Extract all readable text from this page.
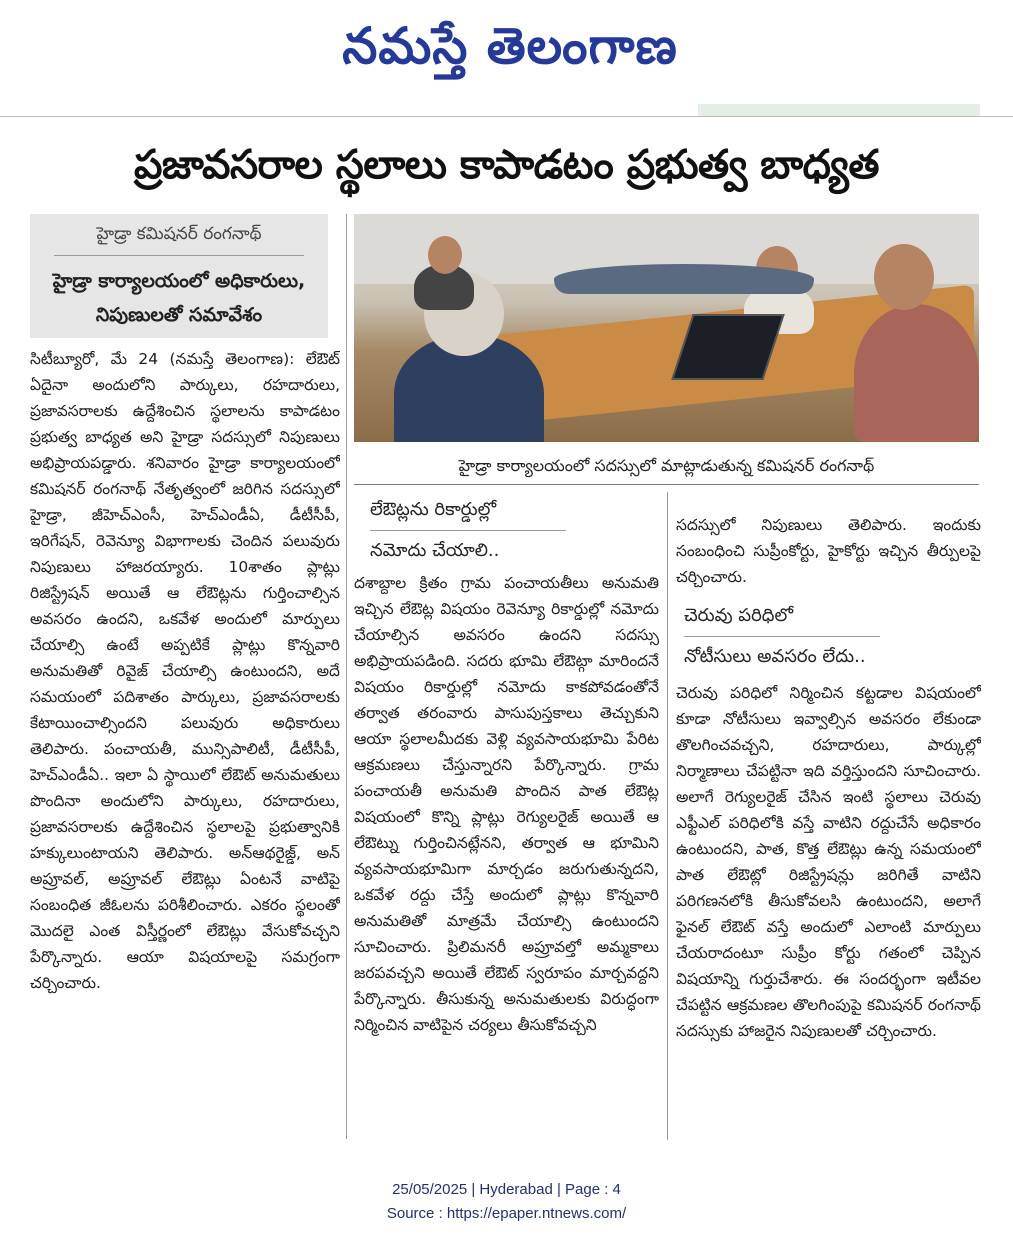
నమస్తే తెలంగాణ
ప్రజావసరాల స్థలాలు కాపాడటం ప్రభుత్వ బాధ్యత
హైడ్రా కమిషనర్ రంగనాథ్
హైడ్రా కార్యాలయంలో అధికారులు, నిపుణులతో సమావేశం
హైడ్రా కార్యాలయంలో సదస్సులో మాట్లాడుతున్న కమిషనర్ రంగనాథ్

సిటీబ్యూరో, మే 24 (నమస్తే తెలంగాణ): లేఔట్ ఏదైనా అందులోని పార్కులు, రహదారులు, ప్రజావసరాలకు ఉద్దేశించిన స్థలాలను కాపాడటం ప్రభుత్వ బాధ్యత అని హైడ్రా సదస్సులో నిపుణులు అభిప్రాయపడ్డారు. శనివారం హైడ్రా కార్యాలయంలో కమిషనర్ రంగనాథ్ నేతృత్వంలో జరిగిన సదస్సులో హైడ్రా, జీహెచ్ఎంసీ, హెచ్ఎండీఏ, డీటీసీపీ, ఇరిగేషన్, రెవెన్యూ విభాగాలకు చెందిన పలువురు నిపుణులు హాజరయ్యారు. 10శాతం ప్లాట్లు రిజిస్ట్రేషన్ అయితే ఆ లేఔట్లను గుర్తించాల్సిన అవసరం ఉందని, ఒకవేళ అందులో మార్పులు చేయాల్సి ఉంటే అప్పటికే ప్లాట్లు కొన్నవారి అనుమతితో రివైజ్ చేయాల్సి ఉంటుందని, అదే సమయంలో పదిశాతం పార్కులు, ప్రజావసరాలకు కేటాయించాల్సిందని పలువురు అధికారులు తెలిపారు. పంచాయతీ, మున్సిపాలిటీ, డీటీసీపీ, హెచ్ఎండీఏ.. ఇలా ఏ స్థాయిలో లేఔట్ అనుమతులు పొందినా అందులోని పార్కులు, రహదారులు, ప్రజావసరాలకు ఉద్దేశించిన స్థలాలపై ప్రభుత్వానికి హక్కులుంటాయని తెలిపారు. అన్ఆథరైజ్డ్, అన్ అప్రూవల్, అప్రూవల్ లేఔట్లు ఏంటనే వాటిపై సంబంధిత జీఓలను పరిశీలించారు. ఎకరం స్థలంతో మొదలై ఎంత విస్తీర్ణంలో లేఔట్లు వేసుకోవచ్చని పేర్కొన్నారు. ఆయా విషయాలపై సమగ్రంగా చర్చించారు.

లేఔట్లను రికార్డుల్లో
నమోదు చేయాలి..

దశాబ్దాల క్రితం గ్రామ పంచాయతీలు అనుమతి ఇచ్చిన లేఔట్ల విషయం రెవెన్యూ రికార్డుల్లో నమోదు చేయాల్సిన అవసరం ఉందని సదస్సు అభిప్రాయపడింది. సదరు భూమి లేఔట్గా మారిందనే విషయం రికార్డుల్లో నమోదు కాకపోవడంతోనే తర్వాత తరంవారు పాసుపుస్తకాలు తెచ్చుకుని ఆయా స్థలాలమీదకు వెళ్లి వ్యవసాయభూమి పేరిట ఆక్రమణలు చేస్తున్నారని పేర్కొన్నారు. గ్రామ పంచాయతీ అనుమతి పొందిన పాత లేఔట్ల విషయంలో కొన్ని ప్లాట్లు రెగ్యులరైజ్ అయితే ఆ లేఔట్ను గుర్తించినట్లేనని, తర్వాత ఆ భూమిని వ్యవసాయభూమిగా మార్చడం జరుగుతున్నదని, ఒకవేళ రద్దు చేస్తే అందులో ప్లాట్లు కొన్నవారి అనుమతితో మాత్రమే చేయాల్సి ఉంటుందని సూచించారు. ప్రిలిమనరీ అప్రూవల్తో అమ్మకాలు జరపవచ్చని అయితే లేఔట్ స్వరూపం మార్చవద్దని పేర్కొన్నారు. తీసుకున్న అనుమతులకు విరుద్ధంగా నిర్మించిన వాటిపైన చర్యలు తీసుకోవచ్చని

సదస్సులో నిపుణులు తెలిపారు. ఇందుకు సంబంధించి సుప్రీంకోర్టు, హైకోర్టు ఇచ్చిన తీర్పులపై చర్చించారు.

చెరువు పరిధిలో
నోటీసులు అవసరం లేదు..

చెరువు పరిధిలో నిర్మించిన కట్టడాల విషయంలో కూడా నోటీసులు ఇవ్వాల్సిన అవసరం లేకుండా తొలగించవచ్చని, రహదారులు, పార్కుల్లో నిర్మాణాలు చేపట్టినా ఇది వర్తిస్తుందని సూచించారు. అలాగే రెగ్యులరైజ్ చేసిన ఇంటి స్థలాలు చెరువు ఎఫ్టీఎల్ పరిధిలోకి వస్తే వాటిని రద్దుచేసే అధికారం ఉంటుందని, పాత, కొత్త లేఔట్లు ఉన్న సమయంలో పాత లేఔట్లో రిజిస్ట్రేషన్లు జరిగితే వాటిని పరిగణనలోకి తీసుకోవలసి ఉంటుందని, అలాగే ఫైనల్ లేఔట్ వస్తే అందులో ఎలాంటి మార్పులు చేయరాదంటూ సుప్రీం కోర్టు గతంలో చెప్పిన విషయాన్ని గుర్తుచేశారు. ఈ సందర్భంగా ఇటీవల చేపట్టిన ఆక్రమణల తొలగింపుపై కమిషనర్ రంగనాథ్ సదస్సుకు హాజరైన నిపుణులతో చర్చించారు.

25/05/2025 | Hyderabad | Page : 4
Source : https://epaper.ntnews.com/
